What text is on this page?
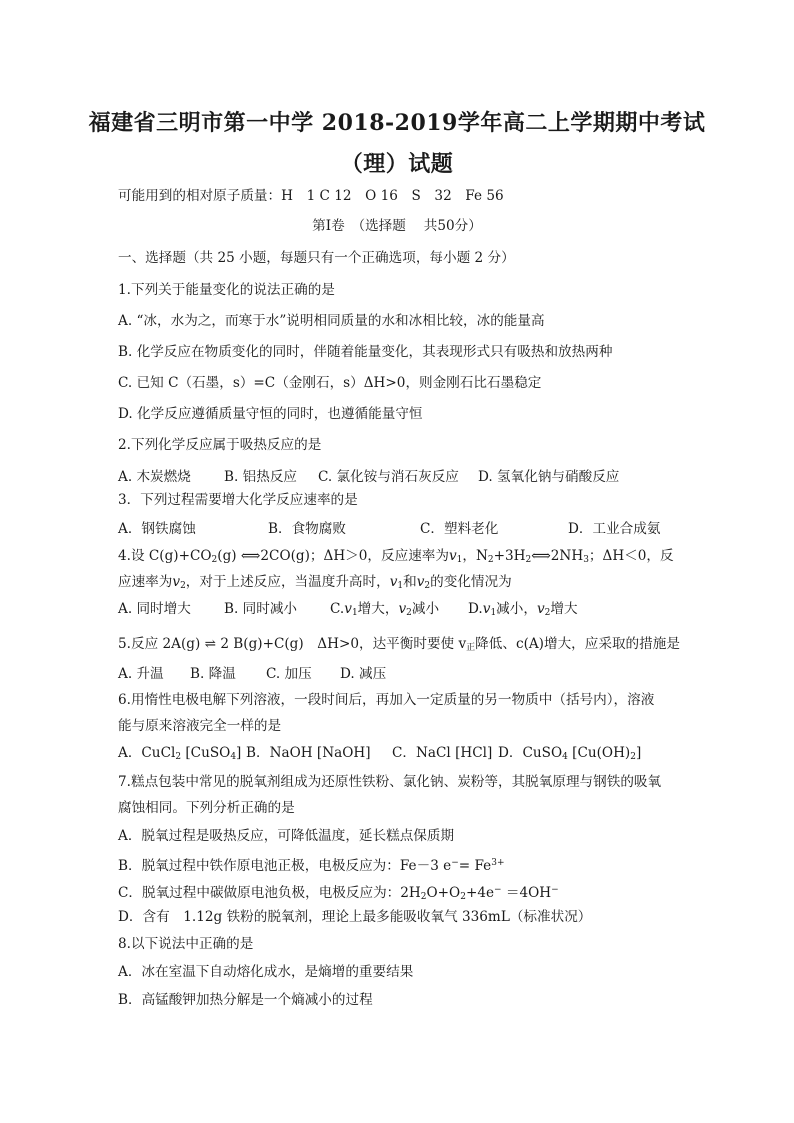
福建省三明市第一中学 2018-2019学年高二上学期期中考试
（理）试题
可能用到的相对原子质量：H　1 C 12　O 16　S　32　Fe 56
第Ⅰ卷　（选择题　 共50分）
一、选择题（共 25 小题，每题只有一个正确选项，每小题 2 分）
1.下列关于能量变化的说法正确的是
A. “冰，水为之，而寒于水”说明相同质量的水和冰相比较，冰的能量高
B. 化学反应在物质变化的同时，伴随着能量变化，其表现形式只有吸热和放热两种
C. 已知 C（石墨，s）=C（金刚石，s）ΔH>0，则金刚石比石墨稳定
D. 化学反应遵循质量守恒的同时，也遵循能量守恒
2.下列化学反应属于吸热反应的是
A. 木炭燃烧 B. 铝热反应 C. 氯化铵与消石灰反应 D. 氢氧化钠与硝酸反应
3．下列过程需要增大化学反应速率的是
A．钢铁腐蚀	B．食物腐败	C．塑料老化	D．工业合成氨
4.设 $C(g)+CO_2(g)$ ⟺2CO(g)；ΔH＞0，反应速率为$v_1$，$N_2+3H_2⟺2NH_3$；ΔH＜0，反
应速率为$v_2$，对于上述反应，当温度升高时，$v_1$和$v_2$的变化情况为
A. 同时增大 B. 同时减小 $C.v_1$增大，$v_2$减小 $D.v_1$减小，$v_2$增大
5.反应 2A(g) ⇌ 2 B(g)+C(g)　ΔH>0，达平衡时要使 $v_正$降低、c(A)增大，应采取的措施是
A. 升温 B. 降温 C. 加压 D. 减压
6.用惰性电极电解下列溶液，一段时间后，再加入一定质量的另一物质中（括号内），溶液
能与原来溶液完全一样的是
A．CuCl$_2$ [CuSO$_4$] B．NaOH [NaOH] C．NaCl [HCl] D．CuSO$_4$ $[Cu(OH)_2]$
7.糕点包装中常见的脱氧剂组成为还原性铁粉、氯化钠、炭粉等，其脱氧原理与钢铁的吸氧
腐蚀相同。下列分析正确的是
A．脱氧过程是吸热反应，可降低温度，延长糕点保质期
B．脱氧过程中铁作原电池正极，电极反应为：Fe－3 $e^-= Fe^{3+}$
C．脱氧过程中碳做原电池负极，电极反应为：$2H_2O+O_2+4e^- =4OH^-$
D．含有　1.12g 铁粉的脱氧剂，理论上最多能吸收氧气 336mL（标准状况）
8.以下说法中正确的是
A．冰在室温下自动熔化成水，是熵增的重要结果
B．高锰酸钾加热分解是一个熵减小的过程
